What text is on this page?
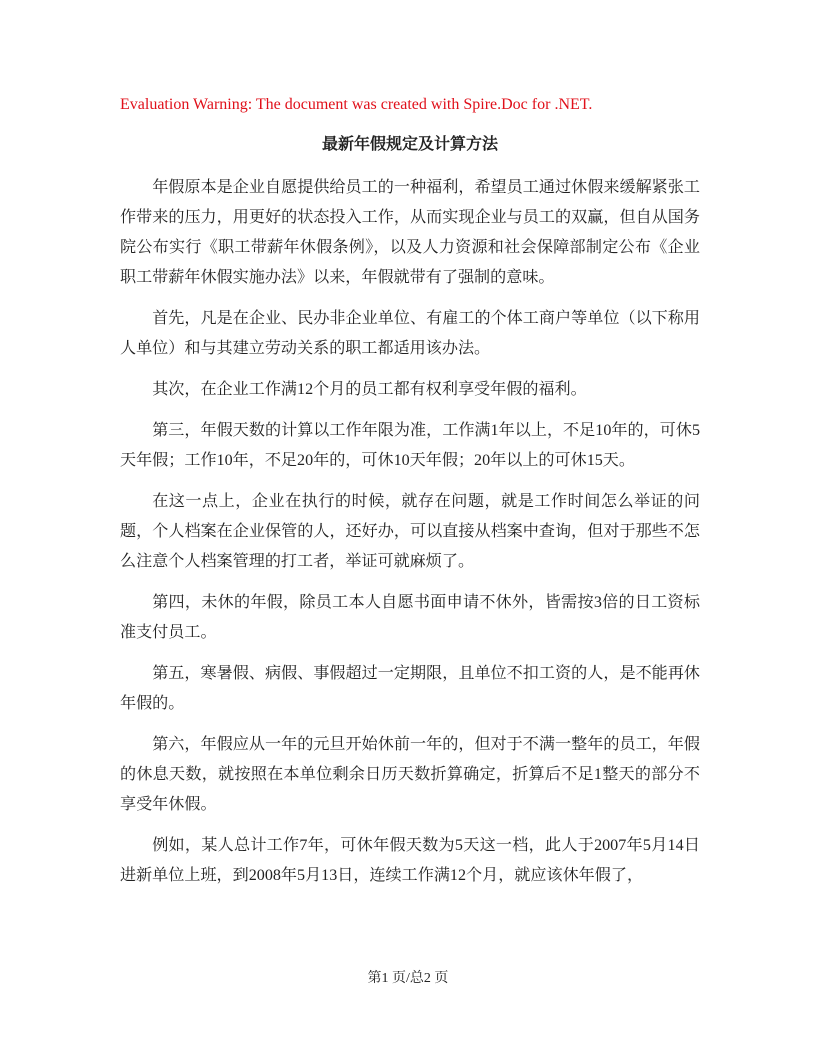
Evaluation Warning: The document was created with Spire.Doc for .NET.
最新年假规定及计算方法

年假原本是企业自愿提供给员工的一种福利，希望员工通过休假来缓解紧张工作带来的压力，用更好的状态投入工作，从而实现企业与员工的双赢，但自从国务院公布实行《职工带薪年休假条例》，以及人力资源和社会保障部制定公布《企业职工带薪年休假实施办法》以来，年假就带有了强制的意味。

首先，凡是在企业、民办非企业单位、有雇工的个体工商户等单位（以下称用人单位）和与其建立劳动关系的职工都适用该办法。

其次，在企业工作满12个月的员工都有权利享受年假的福利。

第三，年假天数的计算以工作年限为准，工作满1年以上，不足10年的，可休5天年假；工作10年，不足20年的，可休10天年假；20年以上的可休15天。

在这一点上，企业在执行的时候，就存在问题，就是工作时间怎么举证的问题，个人档案在企业保管的人，还好办，可以直接从档案中查询，但对于那些不怎么注意个人档案管理的打工者，举证可就麻烦了。

第四，未休的年假，除员工本人自愿书面申请不休外，皆需按3倍的日工资标准支付员工。

第五，寒暑假、病假、事假超过一定期限，且单位不扣工资的人，是不能再休年假的。

第六，年假应从一年的元旦开始休前一年的，但对于不满一整年的员工，年假的休息天数，就按照在本单位剩余日历天数折算确定，折算后不足1整天的部分不享受年休假。

例如，某人总计工作7年，可休年假天数为5天这一档，此人于2007年5月14日进新单位上班，到2008年5月13日，连续工作满12个月，就应该休年假了，

第1 页/总2 页
